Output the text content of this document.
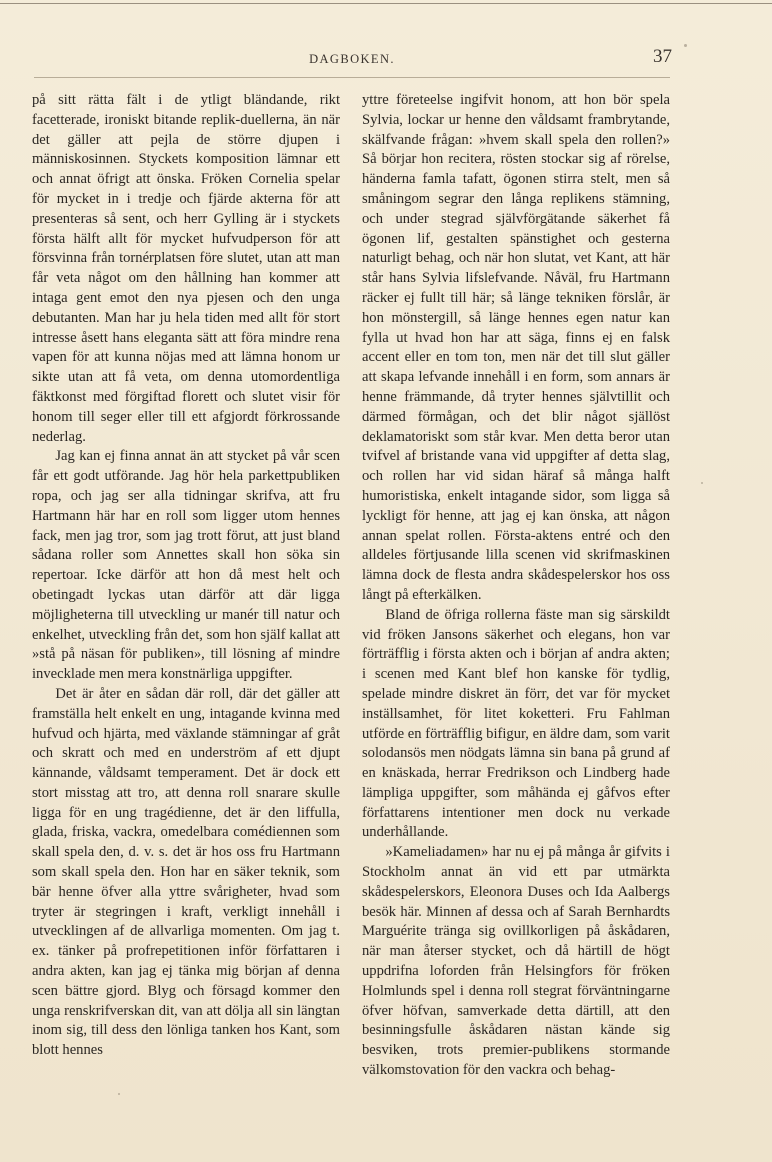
DAGBOKEN.	37

på sitt rätta fält i de ytligt bländande, rikt facetterade, ironiskt bitande replik-duellerna, än när det gäller att pejla de större djupen i människosinnen. Styckets komposition lämnar ett och annat öfrigt att önska. Fröken Cornelia spelar för mycket in i tredje och fjärde akterna för att presenteras så sent, och herr Gylling är i styckets första hälft allt för mycket hufvudperson för att försvinna från tornérplatsen före slutet, utan att man får veta något om den hållning han kommer att intaga gent emot den nya pjesen och den unga debutanten. Man har ju hela tiden med allt för stort intresse åsett hans eleganta sätt att föra mindre rena vapen för att kunna nöjas med att lämna honom ur sikte utan att få veta, om denna utomordentliga fäktkonst med förgiftad florett och slutet visir för honom till seger eller till ett afgjordt förkrossande nederlag.

Jag kan ej finna annat än att stycket på vår scen får ett godt utförande. Jag hör hela parkettpubliken ropa, och jag ser alla tidningar skrifva, att fru Hartmann här har en roll som ligger utom hennes fack, men jag tror, som jag trott förut, att just bland sådana roller som Annettes skall hon söka sin repertoar. Icke därför att hon då mest helt och obetingadt lyckas utan därför att där ligga möjligheterna till utveckling ur manér till natur och enkelhet, utveckling från det, som hon själf kallat att »stå på näsan för publiken», till lösning af mindre invecklade men mera konstnärliga uppgifter.

Det är åter en sådan där roll, där det gäller att framställa helt enkelt en ung, intagande kvinna med hufvud och hjärta, med växlande stämningar af gråt och skratt och med en underström af ett djupt kännande, våldsamt temperament. Det är dock ett stort misstag att tro, att denna roll snarare skulle ligga för en ung tragédienne, det är den liffulla, glada, friska, vackra, omedelbara comédiennen som skall spela den, d. v. s. det är hos oss fru Hartmann som skall spela den. Hon har en säker teknik, som bär henne öfver alla yttre svårigheter, hvad som tryter är stegringen i kraft, verkligt innehåll i utvecklingen af de allvarliga momenten. Om jag t. ex. tänker på profrepetitionen inför författaren i andra akten, kan jag ej tänka mig början af denna scen bättre gjord. Blyg och försagd kommer den unga renskrifverskan dit, van att dölja all sin längtan inom sig, till dess den lönliga tanken hos Kant, som blott hennes

yttre företeelse ingifvit honom, att hon bör spela Sylvia, lockar ur henne den våldsamt frambrytande, skälfvande frågan: »hvem skall spela den rollen?» Så börjar hon recitera, rösten stockar sig af rörelse, händerna famla tafatt, ögonen stirra stelt, men så småningom segrar den långa replikens stämning, och under stegrad självförgätande säkerhet få ögonen lif, gestalten spänstighet och gesterna naturligt behag, och när hon slutat, vet Kant, att här står hans Sylvia lifslefvande. Nåväl, fru Hartmann räcker ej fullt till här; så länge tekniken förslår, är hon mönstergill, så länge hennes egen natur kan fylla ut hvad hon har att säga, finns ej en falsk accent eller en tom ton, men när det till slut gäller att skapa lefvande innehåll i en form, som annars är henne främmande, då tryter hennes självtillit och därmed förmågan, och det blir något själlöst deklamatoriskt som står kvar. Men detta beror utan tvifvel af bristande vana vid uppgifter af detta slag, och rollen har vid sidan häraf så många halft humoristiska, enkelt intagande sidor, som ligga så lyckligt för henne, att jag ej kan önska, att någon annan spelat rollen. Första-aktens entré och den alldeles förtjusande lilla scenen vid skrifmaskinen lämna dock de flesta andra skådespelerskor hos oss långt på efterkälken.

Bland de öfriga rollerna fäste man sig särskildt vid fröken Jansons säkerhet och elegans, hon var förträfflig i första akten och i början af andra akten; i scenen med Kant blef hon kanske för tydlig, spelade mindre diskret än förr, det var för mycket inställsamhet, för litet koketteri. Fru Fahlman utförde en förträfflig bifigur, en äldre dam, som varit solodansös men nödgats lämna sin bana på grund af en knäskada, herrar Fredrikson och Lindberg hade lämpliga uppgifter, som måhända ej gåfvos efter författarens intentioner men dock nu verkade underhållande.

»Kameliadamen» har nu ej på många år gifvits i Stockholm annat än vid ett par utmärkta skådespelerskors, Eleonora Duses och Ida Aalbergs besök här. Minnen af dessa och af Sarah Bernhardts Marguérite tränga sig ovillkorligen på åskådaren, när man återser stycket, och då härtill de högt uppdrifna loforden från Helsingfors för fröken Holmlunds spel i denna roll stegrat förväntningarne öfver höfvan, samverkade detta därtill, att den besinningsfulle åskådaren nästan kände sig besviken, trots premier-publikens stormande välkomstovation för den vackra och behag-
